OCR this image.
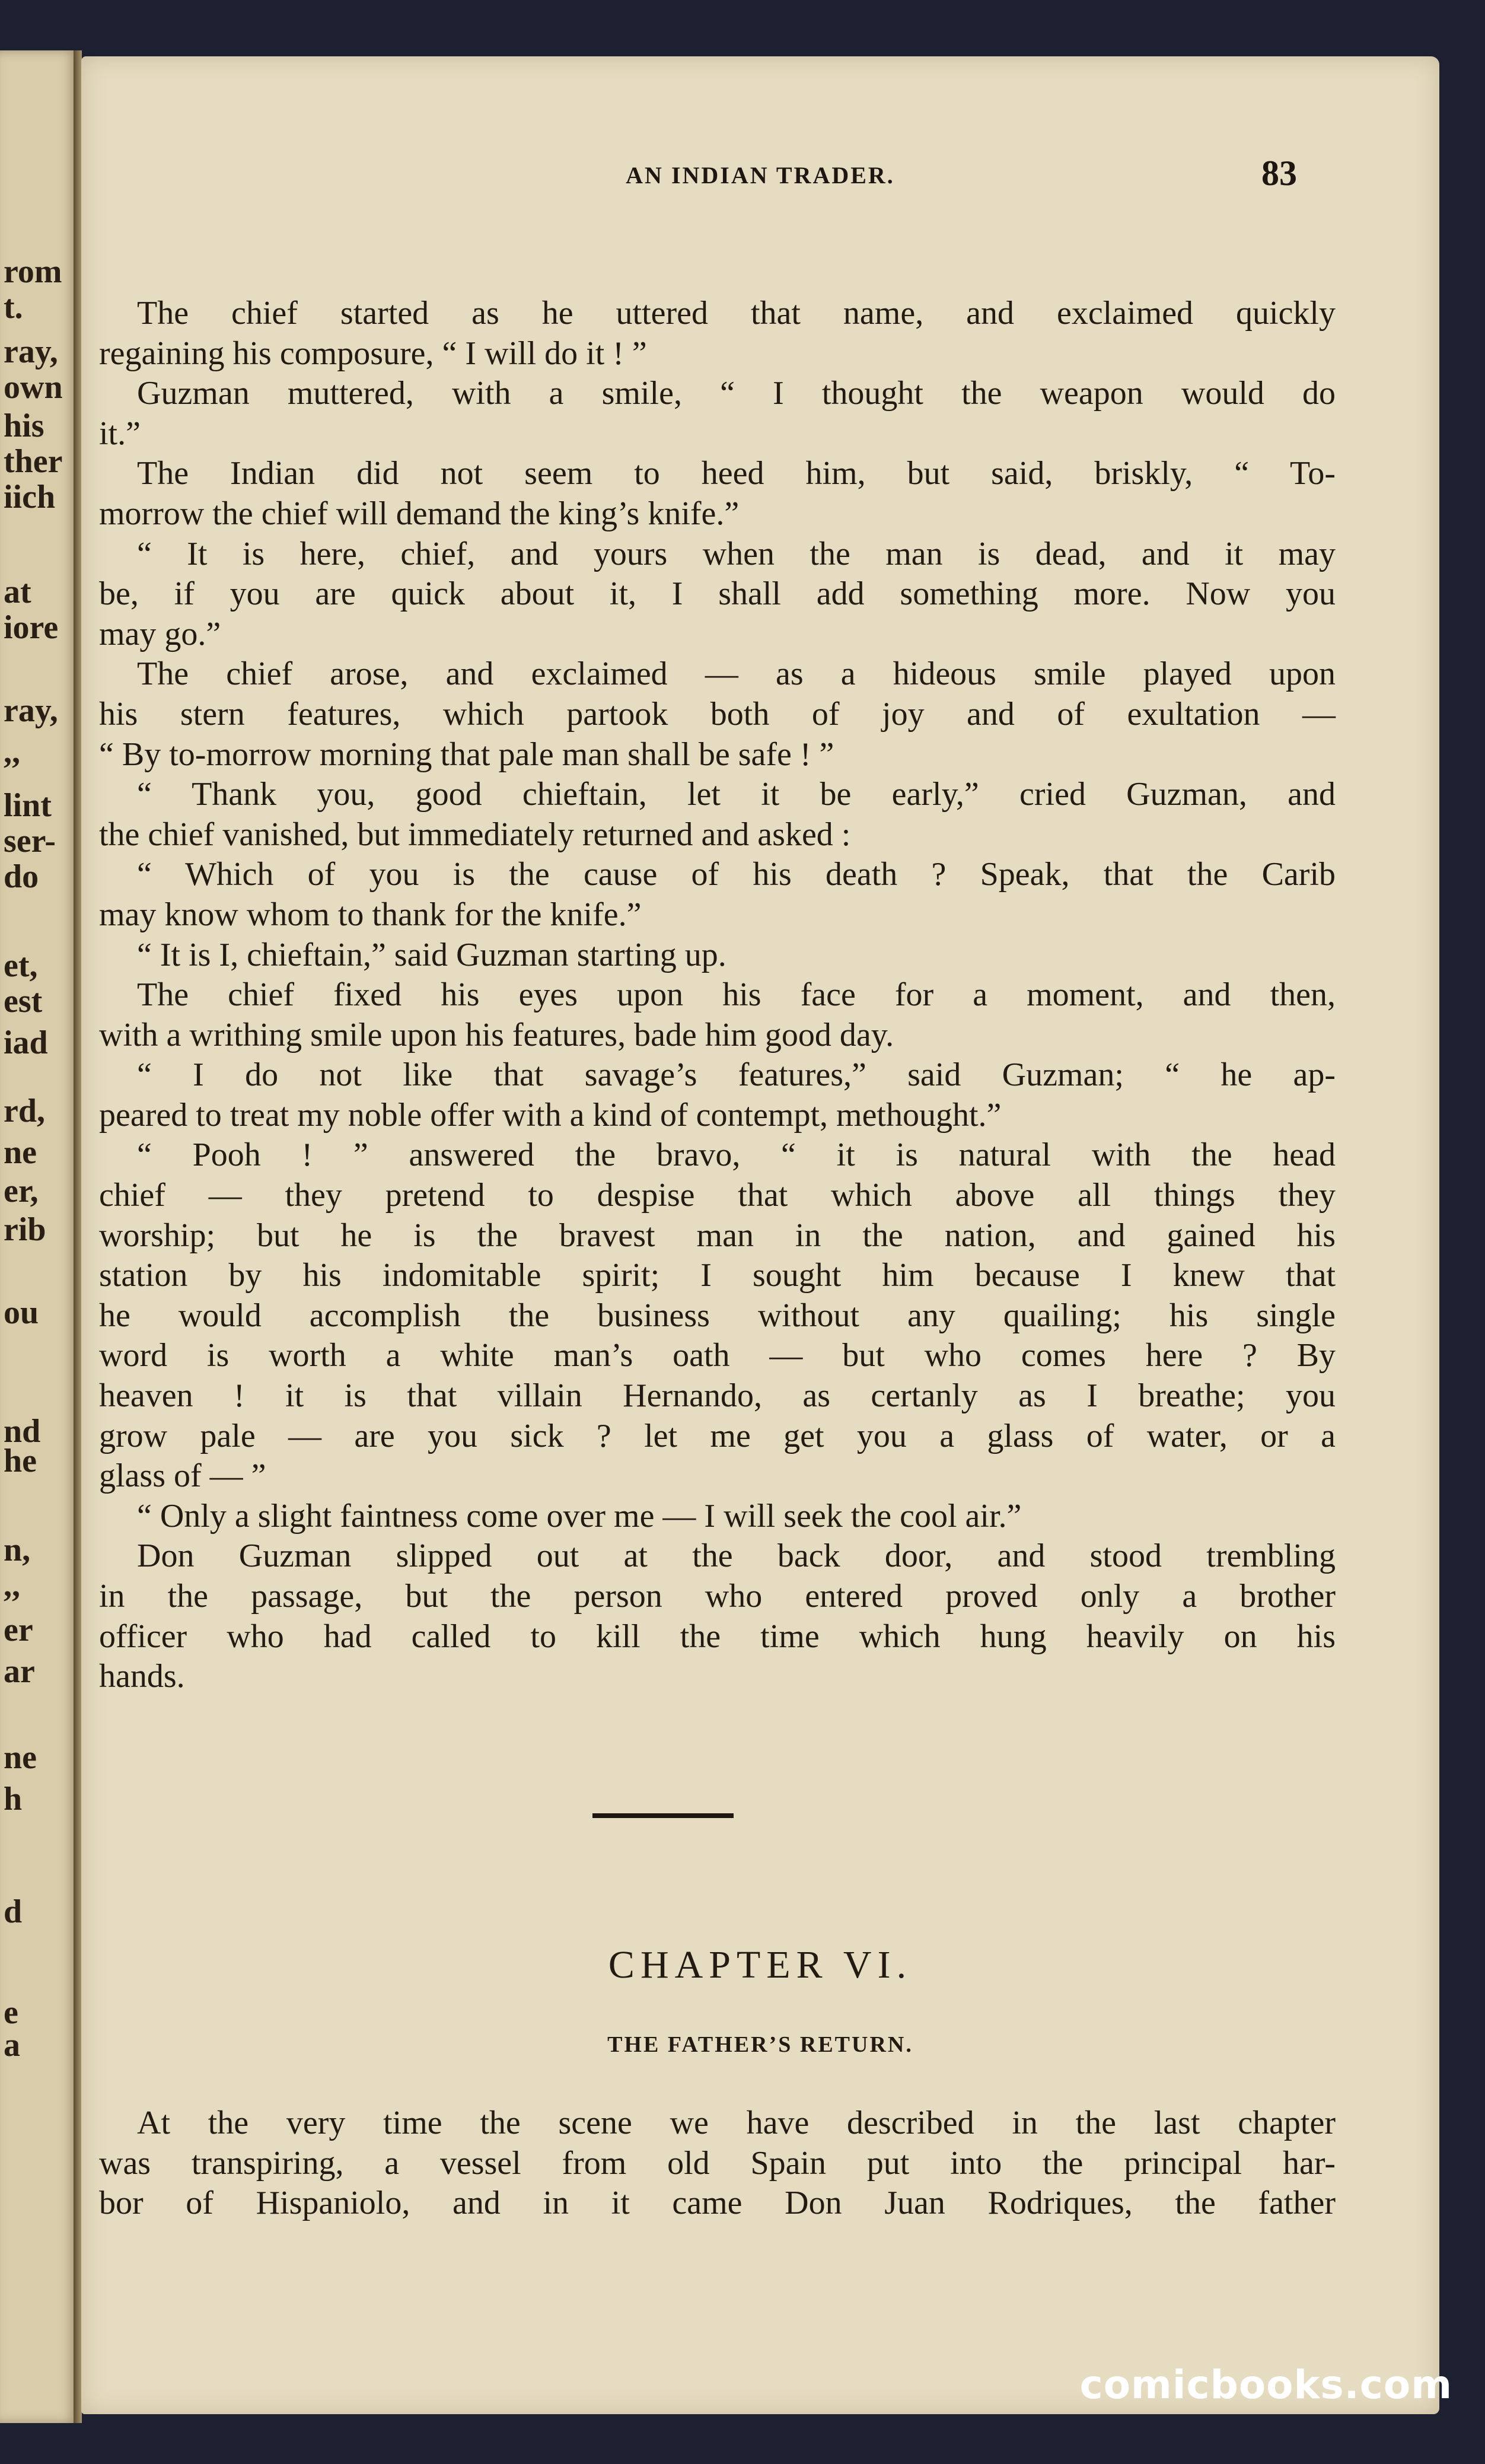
rom
t.
ray,
own
his
ther
iich
at
iore
ray,
,,
lint
ser-
do
et,
est
iad
rd,
ne
er,
rib
ou
nd
he
n,
,,
er
ar
ne
h
d
e
a
AN INDIAN TRADER.	83
The chief started as he uttered that name, and exclaimed quickly
regaining his composure, “ I will do it ! ”
Guzman muttered, with a smile, “ I thought the weapon would do
it.”
The Indian did not seem to heed him, but said, briskly, “ To-
morrow the chief will demand the king’s knife.”
“ It is here, chief, and yours when the man is dead, and it may
be, if you are quick about it, I shall add something more. Now you
may go.”
The chief arose, and exclaimed — as a hideous smile played upon
his stern features, which partook both of joy and of exultation —
“ By to-morrow morning that pale man shall be safe ! ”
“ Thank you, good chieftain, let it be early,” cried Guzman, and
the chief vanished, but immediately returned and asked :
“ Which of you is the cause of his death ? Speak, that the Carib
may know whom to thank for the knife.”
“ It is I, chieftain,” said Guzman starting up.
The chief fixed his eyes upon his face for a moment, and then,
with a writhing smile upon his features, bade him good day.
“ I do not like that savage’s features,” said Guzman; “ he ap-
peared to treat my noble offer with a kind of contempt, methought.”
“ Pooh ! ” answered the bravo, “ it is natural with the head
chief — they pretend to despise that which above all things they
worship; but he is the bravest man in the nation, and gained his
station by his indomitable spirit; I sought him because I knew that
he would accomplish the business without any quailing; his single
word is worth a white man’s oath — but who comes here ? By
heaven ! it is that villain Hernando, as certanly as I breathe; you
grow pale — are you sick ? let me get you a glass of water, or a
glass of — ”
“ Only a slight faintness come over me — I will seek the cool air.”
Don Guzman slipped out at the back door, and stood trembling
in the passage, but the person who entered proved only a brother
officer who had called to kill the time which hung heavily on his
hands.
CHAPTER VI.
THE FATHER’S RETURN.
At the very time the scene we have described in the last chapter
was transpiring, a vessel from old Spain put into the principal har-
bor of Hispaniolo, and in it came Don Juan Rodriques, the father
comicbooks.com
